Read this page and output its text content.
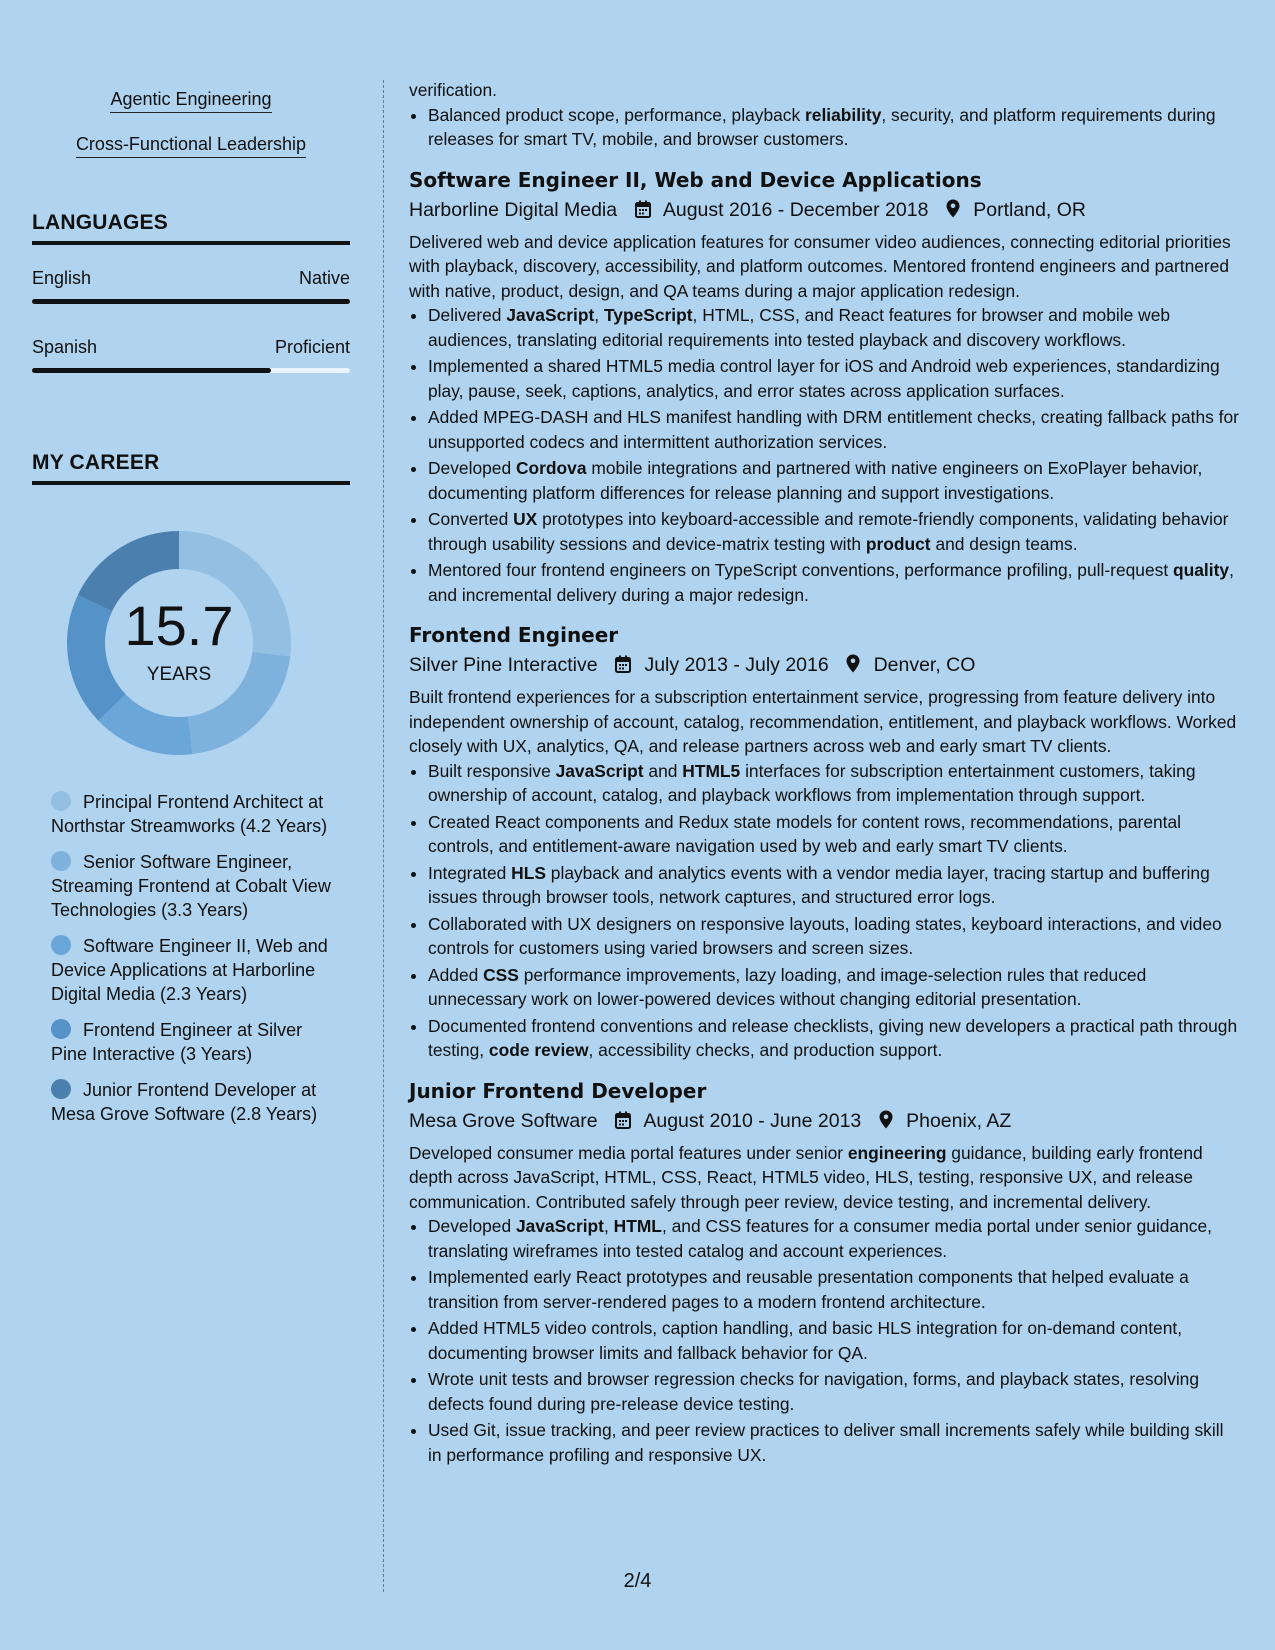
Agentic Engineering
Cross-Functional Leadership
LANGUAGES
English	Native
Spanish	Proficient
MY CAREER
15.7
YEARS
Principal Frontend Architect at Northstar Streamworks (4.2 Years)
Senior Software Engineer, Streaming Frontend at Cobalt View Technologies (3.3 Years)
Software Engineer II, Web and Device Applications at Harborline Digital Media (2.3 Years)
Frontend Engineer at Silver Pine Interactive (3 Years)
Junior Frontend Developer at Mesa Grove Software (2.8 Years)

verification.

• Balanced product scope, performance, playback reliability, security, and platform requirements during releases for smart TV, mobile, and browser customers.
Software Engineer II, Web and Device Applications
Harborline Digital Media August 2016 - December 2018 Portland, OR

Delivered web and device application features for consumer video audiences, connecting editorial priorities with playback, discovery, accessibility, and platform outcomes. Mentored frontend engineers and partnered with native, product, design, and QA teams during a major application redesign.

• Delivered JavaScript, TypeScript, HTML, CSS, and React features for browser and mobile web audiences, translating editorial requirements into tested playback and discovery workflows.
• Implemented a shared HTML5 media control layer for iOS and Android web experiences, standardizing play, pause, seek, captions, analytics, and error states across application surfaces.
• Added MPEG-DASH and HLS manifest handling with DRM entitlement checks, creating fallback paths for unsupported codecs and intermittent authorization services.
• Developed Cordova mobile integrations and partnered with native engineers on ExoPlayer behavior, documenting platform differences for release planning and support investigations.
• Converted UX prototypes into keyboard-accessible and remote-friendly components, validating behavior through usability sessions and device-matrix testing with product and design teams.
• Mentored four frontend engineers on TypeScript conventions, performance profiling, pull-request quality, and incremental delivery during a major redesign.
Frontend Engineer
Silver Pine Interactive July 2013 - July 2016 Denver, CO

Built frontend experiences for a subscription entertainment service, progressing from feature delivery into independent ownership of account, catalog, recommendation, entitlement, and playback workflows. Worked closely with UX, analytics, QA, and release partners across web and early smart TV clients.

• Built responsive JavaScript and HTML5 interfaces for subscription entertainment customers, taking ownership of account, catalog, and playback workflows from implementation through support.
• Created React components and Redux state models for content rows, recommendations, parental controls, and entitlement-aware navigation used by web and early smart TV clients.
• Integrated HLS playback and analytics events with a vendor media layer, tracing startup and buffering issues through browser tools, network captures, and structured error logs.
• Collaborated with UX designers on responsive layouts, loading states, keyboard interactions, and video controls for customers using varied browsers and screen sizes.
• Added CSS performance improvements, lazy loading, and image-selection rules that reduced unnecessary work on lower-powered devices without changing editorial presentation.
• Documented frontend conventions and release checklists, giving new developers a practical path through testing, code review, accessibility checks, and production support.
Junior Frontend Developer
Mesa Grove Software August 2010 - June 2013 Phoenix, AZ

Developed consumer media portal features under senior engineering guidance, building early frontend depth across JavaScript, HTML, CSS, React, HTML5 video, HLS, testing, responsive UX, and release communication. Contributed safely through peer review, device testing, and incremental delivery.

• Developed JavaScript, HTML, and CSS features for a consumer media portal under senior guidance, translating wireframes into tested catalog and account experiences.
• Implemented early React prototypes and reusable presentation components that helped evaluate a transition from server-rendered pages to a modern frontend architecture.
• Added HTML5 video controls, caption handling, and basic HLS integration for on-demand content, documenting browser limits and fallback behavior for QA.
• Wrote unit tests and browser regression checks for navigation, forms, and playback states, resolving defects found during pre-release device testing.
• Used Git, issue tracking, and peer review practices to deliver small increments safely while building skill in performance profiling and responsive UX.
2/4
